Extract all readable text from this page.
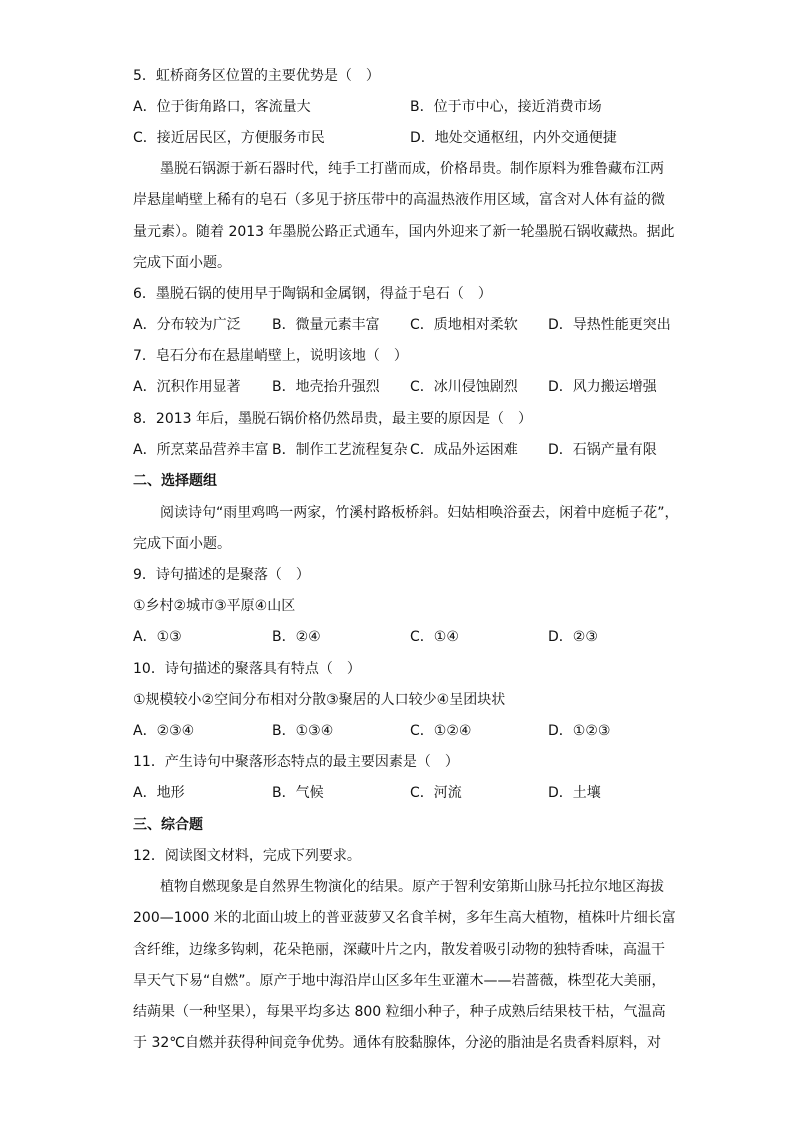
5．虹桥商务区位置的主要优势是（　）
A．位于街角路口，客流量大	B．位于市中心，接近消费市场
C．接近居民区，方便服务市民	D．地处交通枢纽，内外交通便捷
墨脱石锅源于新石器时代，纯手工打凿而成，价格昂贵。制作原料为雅鲁藏布江两
岸悬崖峭壁上稀有的皂石（多见于挤压带中的高温热液作用区域，富含对人体有益的微
量元素）。随着 2013 年墨脱公路正式通车，国内外迎来了新一轮墨脱石锅收藏热。据此
完成下面小题。
6．墨脱石锅的使用早于陶锅和金属钢，得益于皂石（　）
A．分布较为广泛 B．微量元素丰富 C．质地相对柔软 D．导热性能更突出
7．皂石分布在悬崖峭壁上，说明该地（　）
A．沉积作用显著 B．地壳抬升强烈 C．冰川侵蚀剧烈 D．风力搬运增强
8．2013 年后，墨脱石锅价格仍然昂贵，最主要的原因是（　）
A．所烹菜品营养丰富 B．制作工艺流程复杂 C．成品外运困难 D．石锅产量有限
二、选择题组
阅读诗句“雨里鸡鸣一两家，竹溪村路板桥斜。妇姑相唤浴蚕去，闲着中庭栀子花”，
完成下面小题。
9．诗句描述的是聚落（　）
①乡村②城市③平原④山区
A．①③	B．②④	C．①④	D．②③
10．诗句描述的聚落具有特点（　）
①规模较小②空间分布相对分散③聚居的人口较少④呈团块状
A．②③④	B．①③④	C．①②④	D．①②③
11．产生诗句中聚落形态特点的最主要因素是（　）
A．地形	B．气候	C．河流	D．土壤
三、综合题
12．阅读图文材料，完成下列要求。
植物自燃现象是自然界生物演化的结果。原产于智利安第斯山脉马托拉尔地区海拔
200—1000 米的北面山坡上的普亚菠萝又名食羊树，多年生高大植物，植株叶片细长富
含纤维，边缘多钩刺，花朵艳丽，深藏叶片之内，散发着吸引动物的独特香味，高温干
旱天气下易“自燃”。原产于地中海沿岸山区多年生亚灌木——岩蔷薇，株型花大美丽，
结蒴果（一种坚果），每果平均多达 800 粒细小种子，种子成熟后结果枝干枯，气温高
于 32℃自燃并获得种间竞争优势。通体有胶黏腺体，分泌的脂油是名贵香料原料，对
